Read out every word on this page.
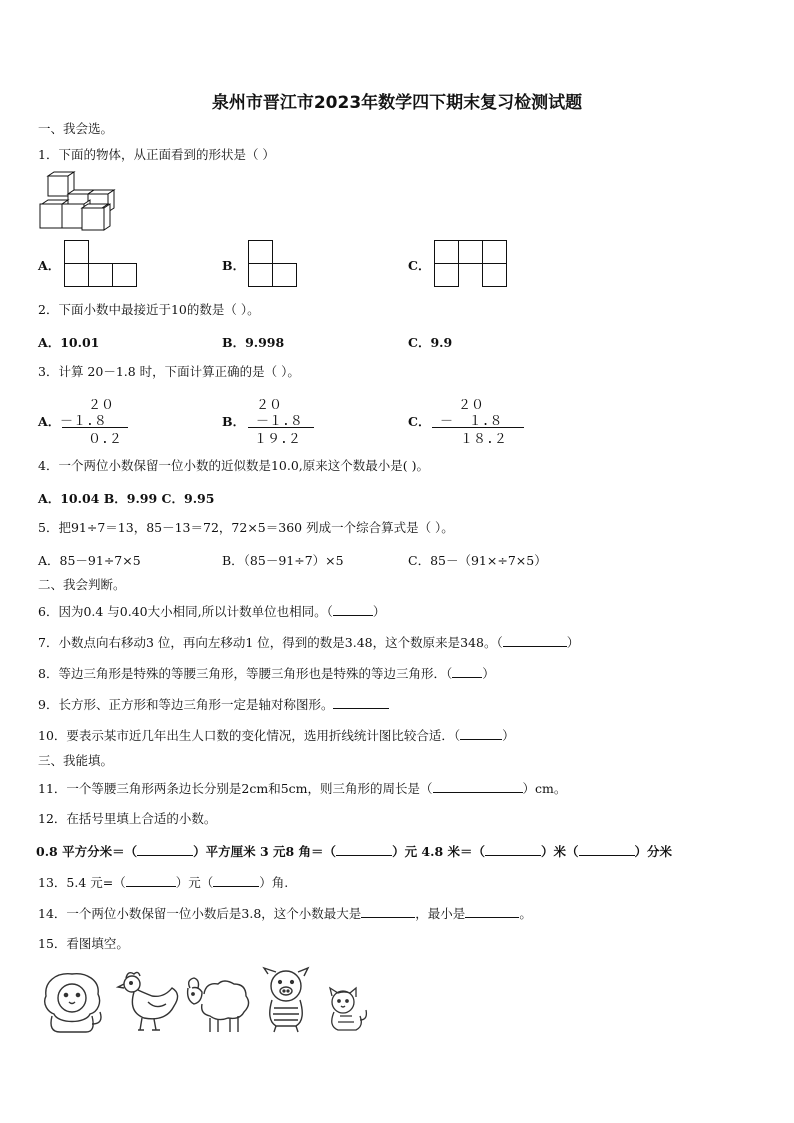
泉州市晋江市2023年数学四下期末复习检测试题
一、我会选。
1．下面的物体，从正面看到的形状是（ ）
A．	B．	C．
2．下面小数中最接近于10的数是（ ）。
A．10.01	B．9.998	C．9.9
3．计算 20－1.8 时，下面计算正确的是（ ）。
A．
２０
－１.８
０.２
B．
２０
－１.８
１９.２
C．
２０
－  １.８
１８.２
4．一个两位小数保留一位小数的近似数是10.0,原来这个数最小是( )。
A．10.04 B．9.99 C．9.95
5．把91÷7＝13，85－13＝72，72×5＝360 列成一个综合算式是（ ）。
A．85－91÷7×5	B．（85－91÷7）×5	C．85－（91×÷7×5）
二、我会判断。
6．因为0.4 与0.40大小相同,所以计数单位也相同。（	）
7．小数点向右移动3 位，再向左移动1 位，得到的数是3.48，这个数原来是348。（	）
8．等边三角形是特殊的等腰三角形，等腰三角形也是特殊的等边三角形．（ ）
9．长方形、正方形和等边三角形一定是轴对称图形。
10．要表示某市近几年出生人口数的变化情况，选用折线统计图比较合适．（	）
三、我能填。
11．一个等腰三角形两条边长分别是2cm和5cm，则三角形的周长是（	）cm。
12．在括号里填上合适的小数。
0.8 平方分米＝（	）平方厘米 3 元8 角＝（	）元 4.8 米＝（	）米（	）分米
13．5.4 元=（	）元（	）角.
14．一个两位小数保留一位小数后是3.8，这个小数最大是	，最小是	。
15．看图填空。
